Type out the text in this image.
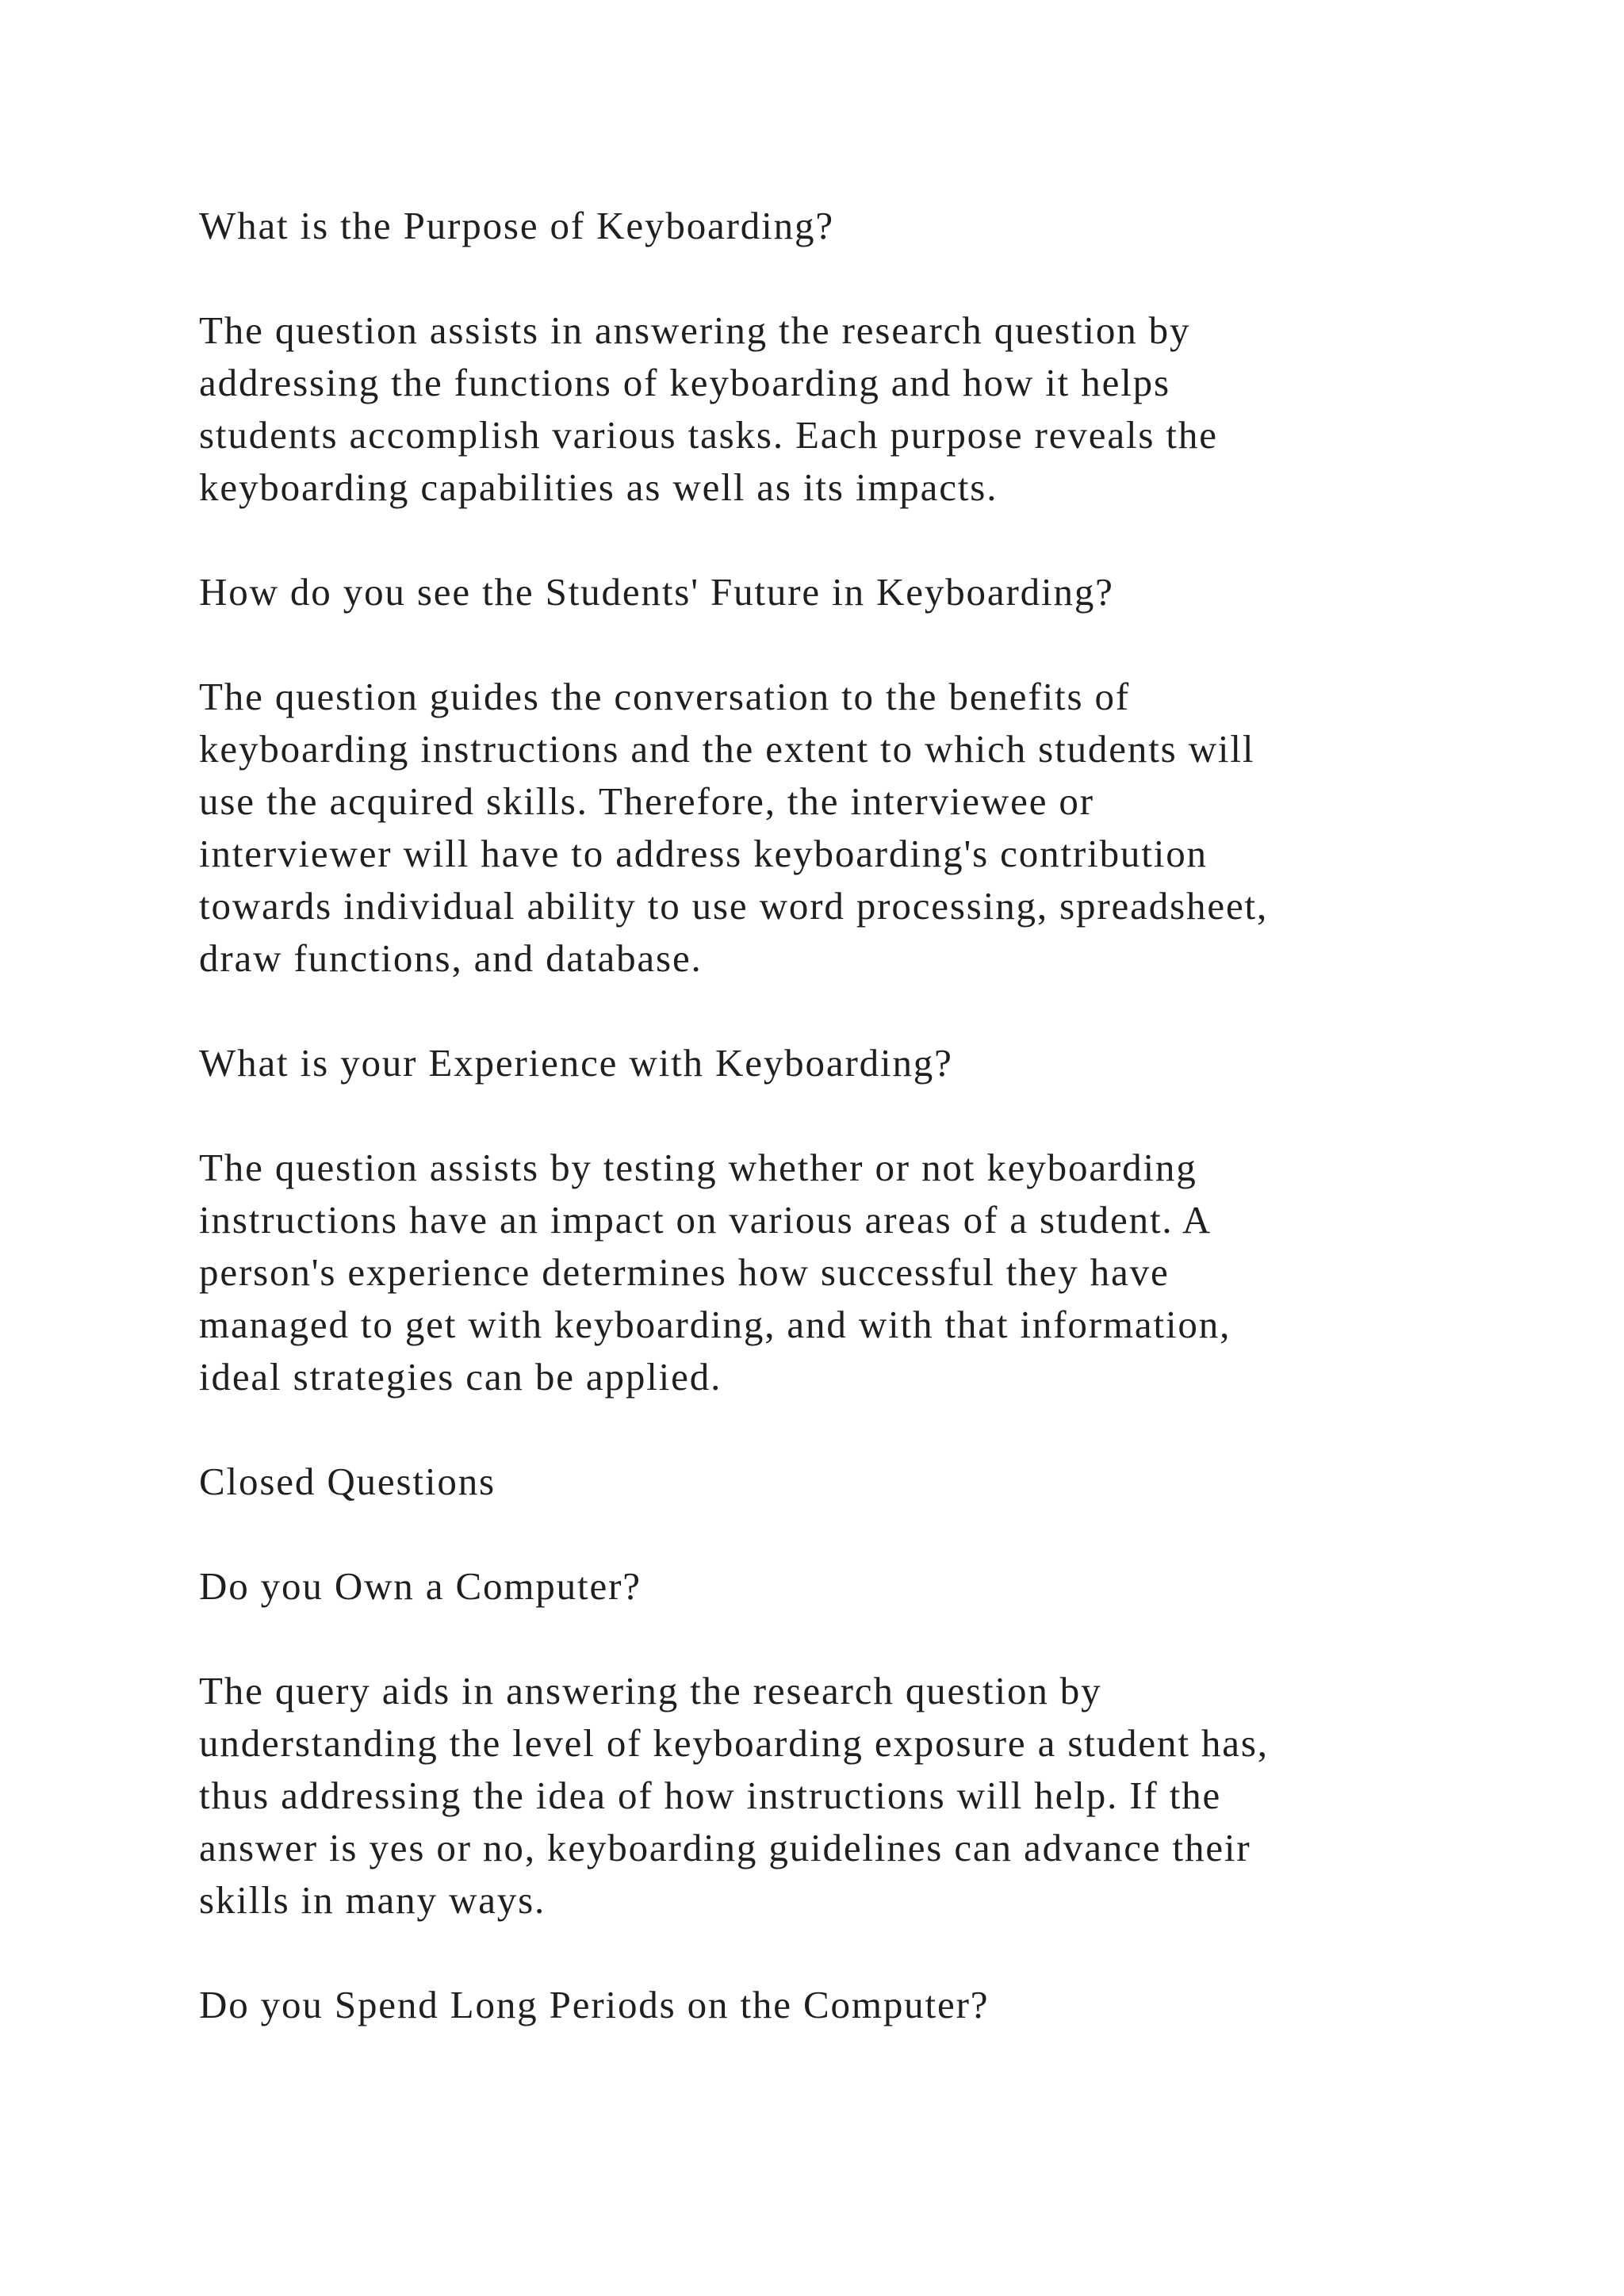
What is the Purpose of Keyboarding?
The question assists in answering the research question by
addressing the functions of keyboarding and how it helps
students accomplish various tasks. Each purpose reveals the
keyboarding capabilities as well as its impacts.
How do you see the Students' Future in Keyboarding?
The question guides the conversation to the benefits of
keyboarding instructions and the extent to which students will
use the acquired skills. Therefore, the interviewee or
interviewer will have to address keyboarding's contribution
towards individual ability to use word processing, spreadsheet,
draw functions, and database.
What is your Experience with Keyboarding?
The question assists by testing whether or not keyboarding
instructions have an impact on various areas of a student. A
person's experience determines how successful they have
managed to get with keyboarding, and with that information,
ideal strategies can be applied.
Closed Questions
Do you Own a Computer?
The query aids in answering the research question by
understanding the level of keyboarding exposure a student has,
thus addressing the idea of how instructions will help. If the
answer is yes or no, keyboarding guidelines can advance their
skills in many ways.
Do you Spend Long Periods on the Computer?
